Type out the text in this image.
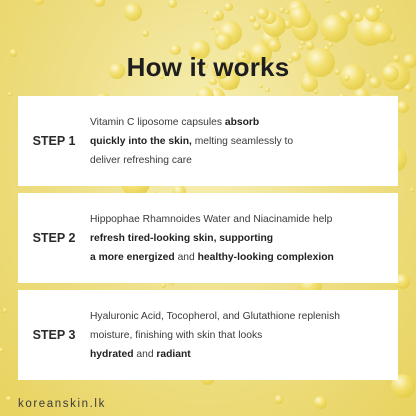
How it works
STEP 1
Vitamin C liposome capsules absorb
quickly into the skin, melting seamlessly to
deliver refreshing care
STEP 2
Hippophae Rhamnoides Water and Niacinamide help
refresh tired-looking skin, supporting
a more energized and healthy-looking complexion
STEP 3
Hyaluronic Acid, Tocopherol, and Glutathione replenish
moisture, finishing with skin that looks
hydrated and radiant
koreanskin.lk
